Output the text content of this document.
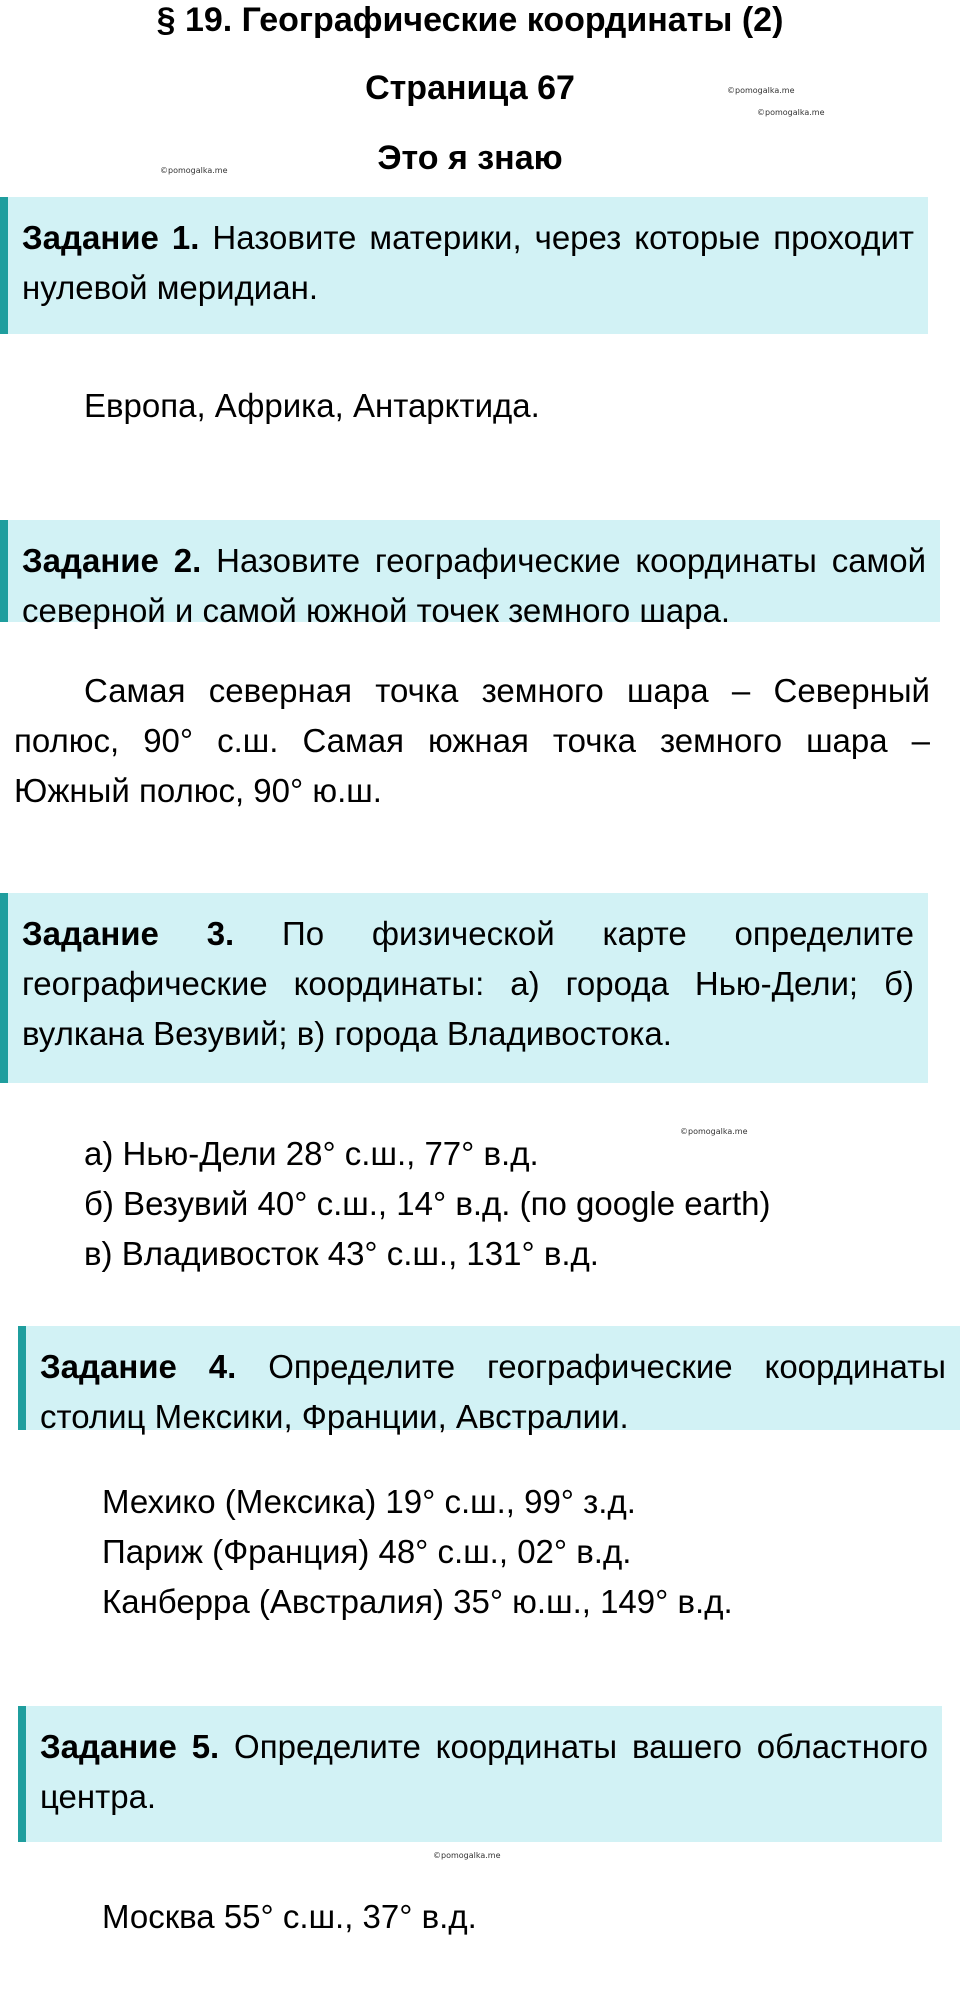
§ 19. Географические координаты (2)
Страница 67
Это я знаю
©pomogalka.me
©pomogalka.me
©pomogalka.me
©pomogalka.me
©pomogalka.me
Задание 1. Назовите материки, через которые проходит нулевой меридиан.
Европа, Африка, Антарктида.
Задание 2. Назовите географические координаты самой северной и самой южной точек земного шара.
Самая северная точка земного шара – Северный полюс, 90° с.ш. Самая южная точка земного шара – Южный полюс, 90° ю.ш.
Задание 3. По физической карте определите географические координаты: а) города Нью-Дели; б) вулкана Везувий; в) города Владивостока.
а) Нью-Дели 28° с.ш., 77° в.д.
б) Везувий 40° с.ш., 14° в.д. (по google earth)
в) Владивосток 43° с.ш., 131° в.д.
Задание 4. Определите географические координаты столиц Мексики, Франции, Австралии.
Мехико (Мексика) 19° с.ш., 99° з.д.
Париж (Франция) 48° с.ш., 02° в.д.
Канберра (Австралия) 35° ю.ш., 149° в.д.
Задание 5. Определите координаты вашего областного центра.
Москва 55° с.ш., 37° в.д.
